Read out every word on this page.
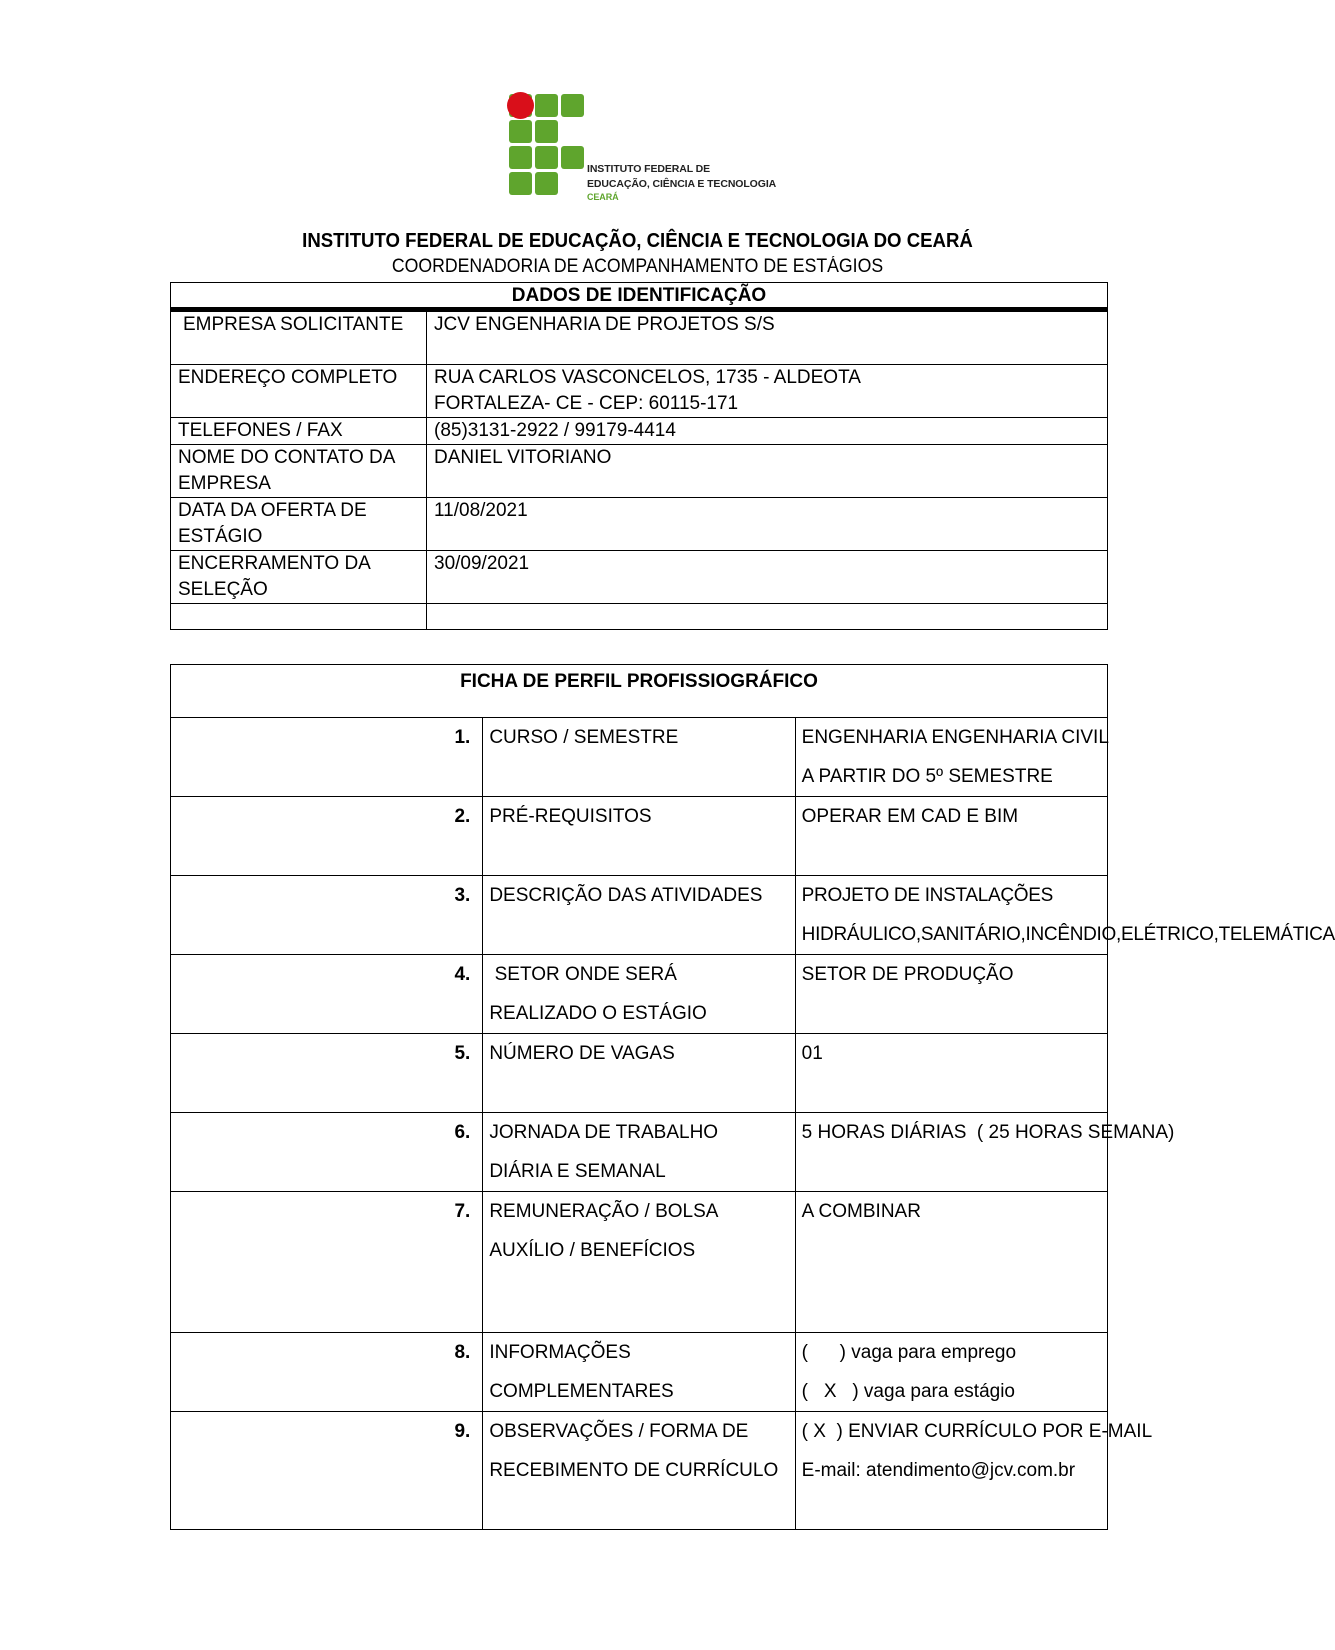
INSTITUTO FEDERAL DE
EDUCAÇÃO, CIÊNCIA E TECNOLOGIA
CEARÁ
INSTITUTO FEDERAL DE EDUCAÇÃO, CIÊNCIA E TECNOLOGIA DO CEARÁ
COORDENADORIA DE ACOMPANHAMENTO DE ESTÁGIOS
DADOS DE IDENTIFICAÇÃO
EMPRESA SOLICITANTE	JCV ENGENHARIA DE PROJETOS S/S

ENDEREÇO COMPLETO	RUA CARLOS VASCONCELOS, 1735 - ALDEOTA
FORTALEZA- CE - CEP: 60115-171

TELEFONES / FAX	(85)3131-2922 / 99179-4414

NOME DO CONTATO DA
EMPRESA	DANIEL VITORIANO

DATA DA OFERTA DE
ESTÁGIO	11/08/2021

ENCERRAMENTO DA
SELEÇÃO	30/09/2021

FICHA DE PERFIL PROFISSIOGRÁFICO		
1.	CURSO / SEMESTRE	ENGENHARIA ENGENHARIA CIVIL
A PARTIR DO 5º SEMESTRE

2.	PRÉ-REQUISITOS	OPERAR EM CAD E BIM

3.	DESCRIÇÃO DAS ATIVIDADES	PROJETO DE INSTALAÇÕES
HIDRÁULICO,SANITÁRIO,INCÊNDIO,ELÉTRICO,TELEMÁTICA

4.	SETOR ONDE SERÁ
REALIZADO O ESTÁGIO	SETOR DE PRODUÇÃO

5.	NÚMERO DE VAGAS	01

6.	JORNADA DE TRABALHO
DIÁRIA E SEMANAL	5 HORAS DIÁRIAS  ( 25 HORAS SEMANA)

7.	REMUNERAÇÃO / BOLSA
AUXÍLIO / BENEFÍCIOS	A COMBINAR

8.	INFORMAÇÕES
COMPLEMENTARES	(      ) vaga para emprego
(   X   ) vaga para estágio

9.	OBSERVAÇÕES / FORMA DE
RECEBIMENTO DE CURRÍCULO	( X  ) ENVIAR CURRÍCULO POR E-MAIL
E-mail: atendimento@jcv.com.br
